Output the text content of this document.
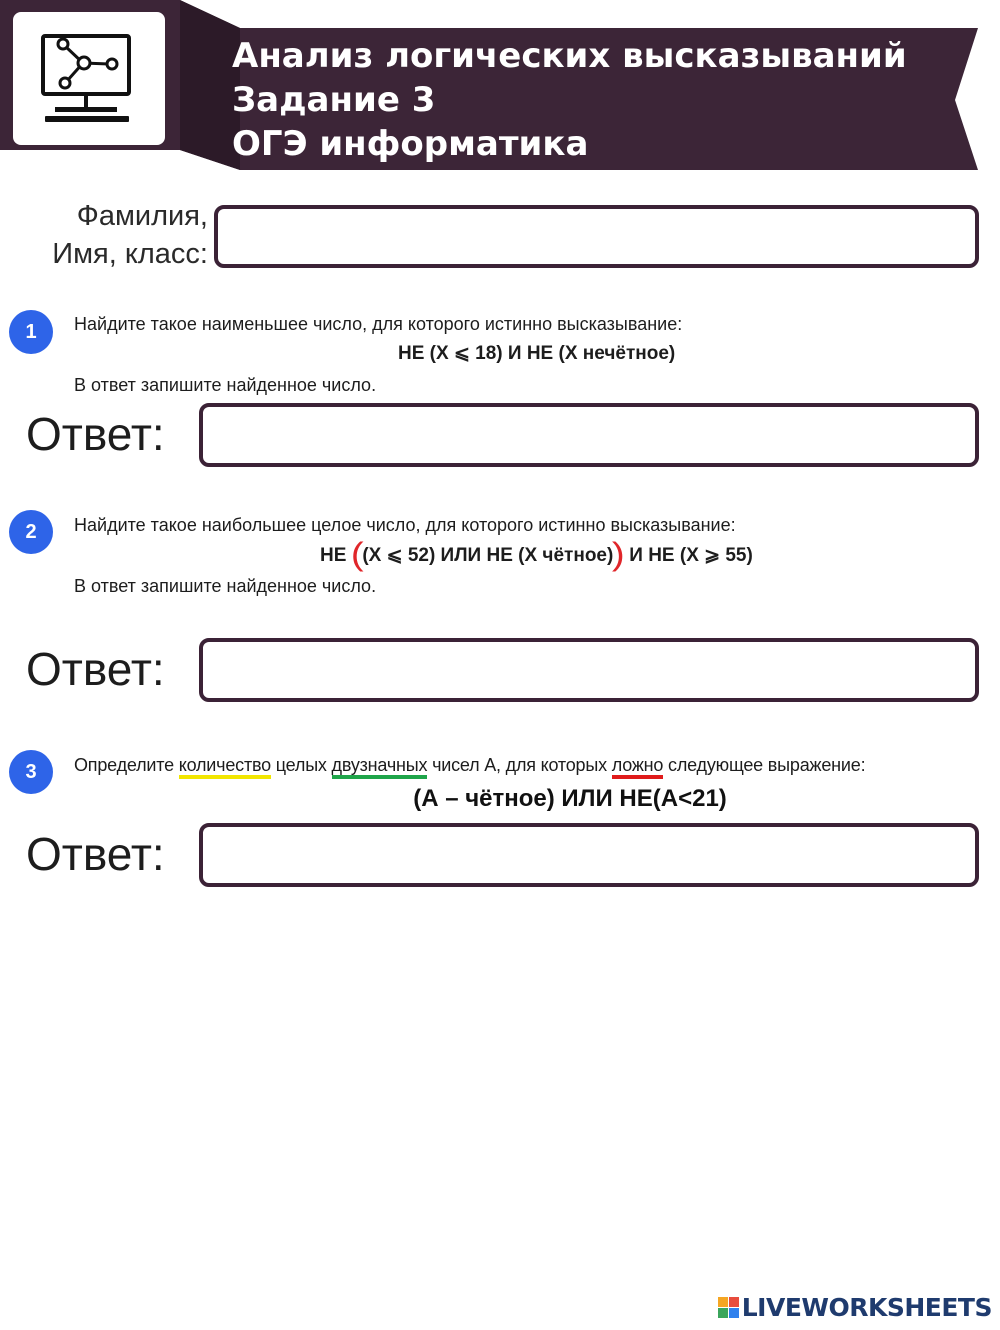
Анализ логических высказываний
Задание 3
ОГЭ информатика
Фамилия,
Имя, класс:
1	Найдите такое наименьшее число, для которого истинно высказывание:
НЕ (X ⩽ 18) И НЕ (X нечётное)
В ответ запишите найденное число.
Ответ:
2	Найдите такое наибольшее целое число, для которого истинно высказывание:
НЕ ((X ⩽ 52) ИЛИ НЕ (X чётное)) И НЕ (X ⩾ 55)
В ответ запишите найденное число.
Ответ:
3	Определите количество целых двузначных чисел А, для которых ложно следующее выражение:
(А – чётное) ИЛИ НЕ(А<21)
Ответ:
LIVEWORKSHEETS
